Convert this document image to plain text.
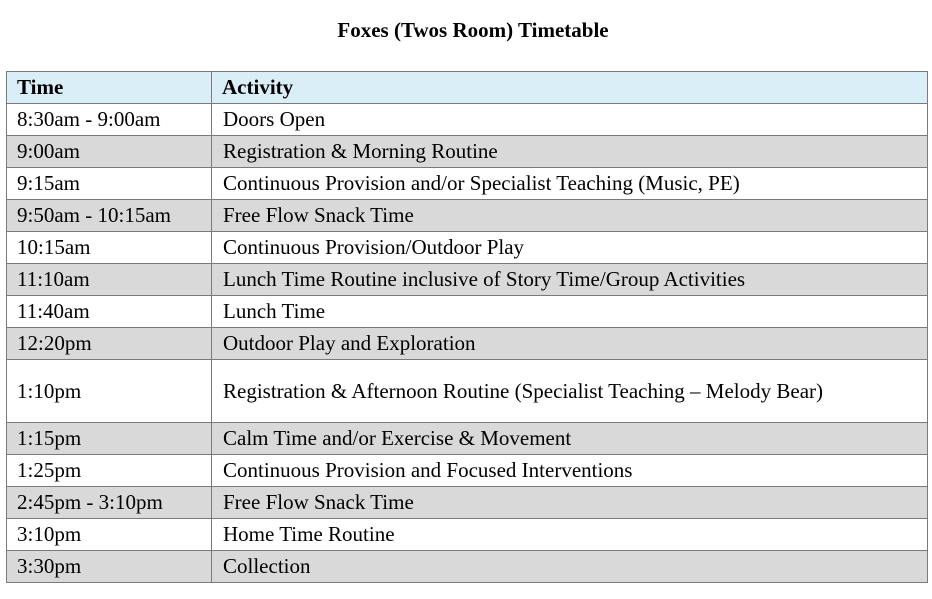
Foxes (Twos Room) Timetable
Time	Activity
8:30am - 9:00am	Doors Open
9:00am	Registration & Morning Routine
9:15am	Continuous Provision and/or Specialist Teaching (Music, PE)
9:50am - 10:15am	Free Flow Snack Time
10:15am	Continuous Provision/Outdoor Play
11:10am	Lunch Time Routine inclusive of Story Time/Group Activities
11:40am	Lunch Time
12:20pm	Outdoor Play and Exploration
1:10pm	Registration & Afternoon Routine (Specialist Teaching – Melody Bear)
1:15pm	Calm Time and/or Exercise & Movement
1:25pm	Continuous Provision and Focused Interventions
2:45pm - 3:10pm	Free Flow Snack Time
3:10pm	Home Time Routine
3:30pm	Collection
